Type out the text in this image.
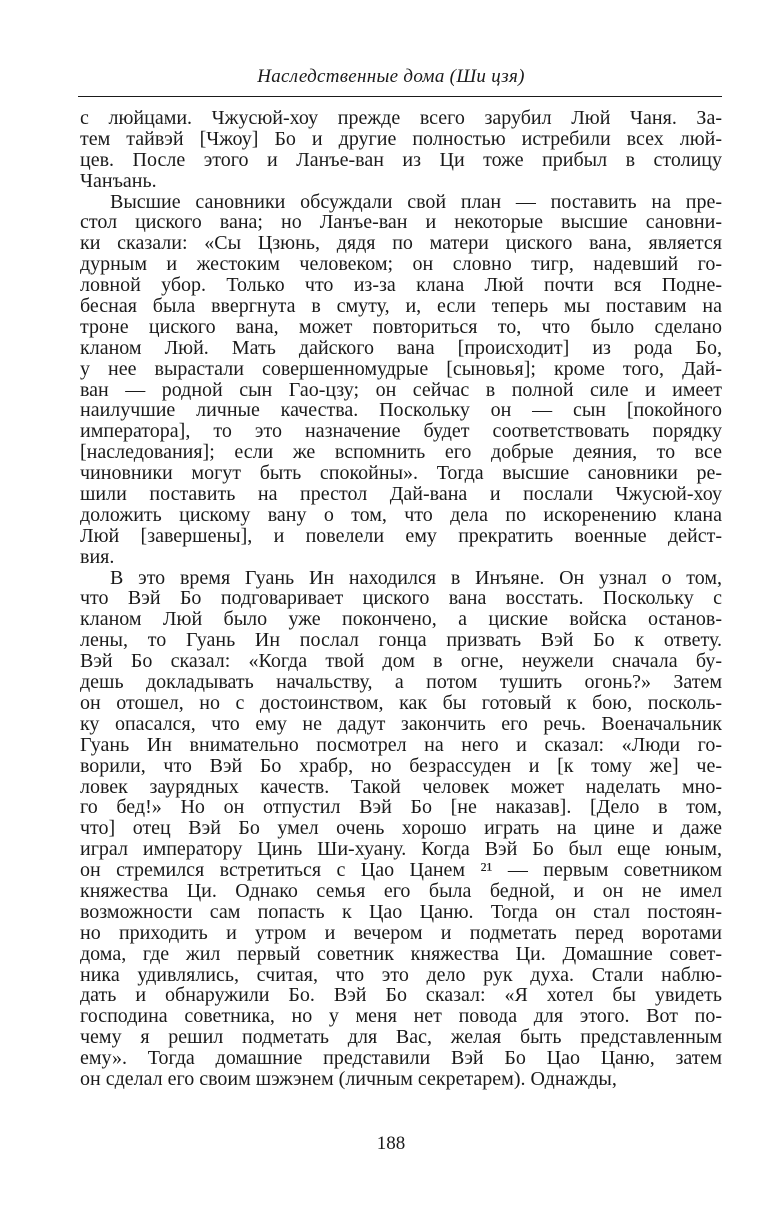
Наследственные дома (Ши цзя)
с люйцами. Чжусюй-хоу прежде всего зарубил Люй Чаня. За-
тем тайвэй [Чжоу] Бо и другие полностью истребили всех люй-
цев. После этого и Ланъе-ван из Ци тоже прибыл в столицу
Чанъань.
Высшие сановники обсуждали свой план — поставить на пре-
стол циского вана; но Ланъе-ван и некоторые высшие сановни-
ки сказали: «Сы Цзюнь, дядя по матери циского вана, является
дурным и жестоким человеком; он словно тигр, надевший го-
ловной убор. Только что из-за клана Люй почти вся Подне-
бесная была ввергнута в смуту, и, если теперь мы поставим на
троне циского вана, может повториться то, что было сделано
кланом Люй. Мать дайского вана [происходит] из рода Бо,
у нее вырастали совершенномудрые [сыновья]; кроме того, Дай-
ван — родной сын Гао-цзу; он сейчас в полной силе и имеет
наилучшие личные качества. Поскольку он — сын [покойного
императора], то это назначение будет соответствовать порядку
[наследования]; если же вспомнить его добрые деяния, то все
чиновники могут быть спокойны». Тогда высшие сановники ре-
шили поставить на престол Дай-вана и послали Чжусюй-хоу
доложить цискому вану о том, что дела по искоренению клана
Люй [завершены], и повелели ему прекратить военные дейст-
вия.
В это время Гуань Ин находился в Инъяне. Он узнал о том,
что Вэй Бо подговаривает циского вана восстать. Поскольку с
кланом Люй было уже покончено, а циские войска останов-
лены, то Гуань Ин послал гонца призвать Вэй Бо к ответу.
Вэй Бо сказал: «Когда твой дом в огне, неужели сначала бу-
дешь докладывать начальству, а потом тушить огонь?» Затем
он отошел, но с достоинством, как бы готовый к бою, посколь-
ку опасался, что ему не дадут закончить его речь. Военачальник
Гуань Ин внимательно посмотрел на него и сказал: «Люди го-
ворили, что Вэй Бо храбр, но безрассуден и [к тому же] че-
ловек заурядных качеств. Такой человек может наделать мно-
го бед!» Но он отпустил Вэй Бо [не наказав]. [Дело в том,
что] отец Вэй Бо умел очень хорошо играть на цине и даже
играл императору Цинь Ши-хуану. Когда Вэй Бо был еще юным,
он стремился встретиться с Цао Цанем ²¹ — первым советником
княжества Ци. Однако семья его была бедной, и он не имел
возможности сам попасть к Цао Цаню. Тогда он стал постоян-
но приходить и утром и вечером и подметать перед воротами
дома, где жил первый советник княжества Ци. Домашние совет-
ника удивлялись, считая, что это дело рук духа. Стали наблю-
дать и обнаружили Бо. Вэй Бо сказал: «Я хотел бы увидеть
господина советника, но у меня нет повода для этого. Вот по-
чему я решил подметать для Вас, желая быть представленным
ему». Тогда домашние представили Вэй Бо Цао Цаню, затем
он сделал его своим шэжэнем (личным секретарем). Однажды,
188
